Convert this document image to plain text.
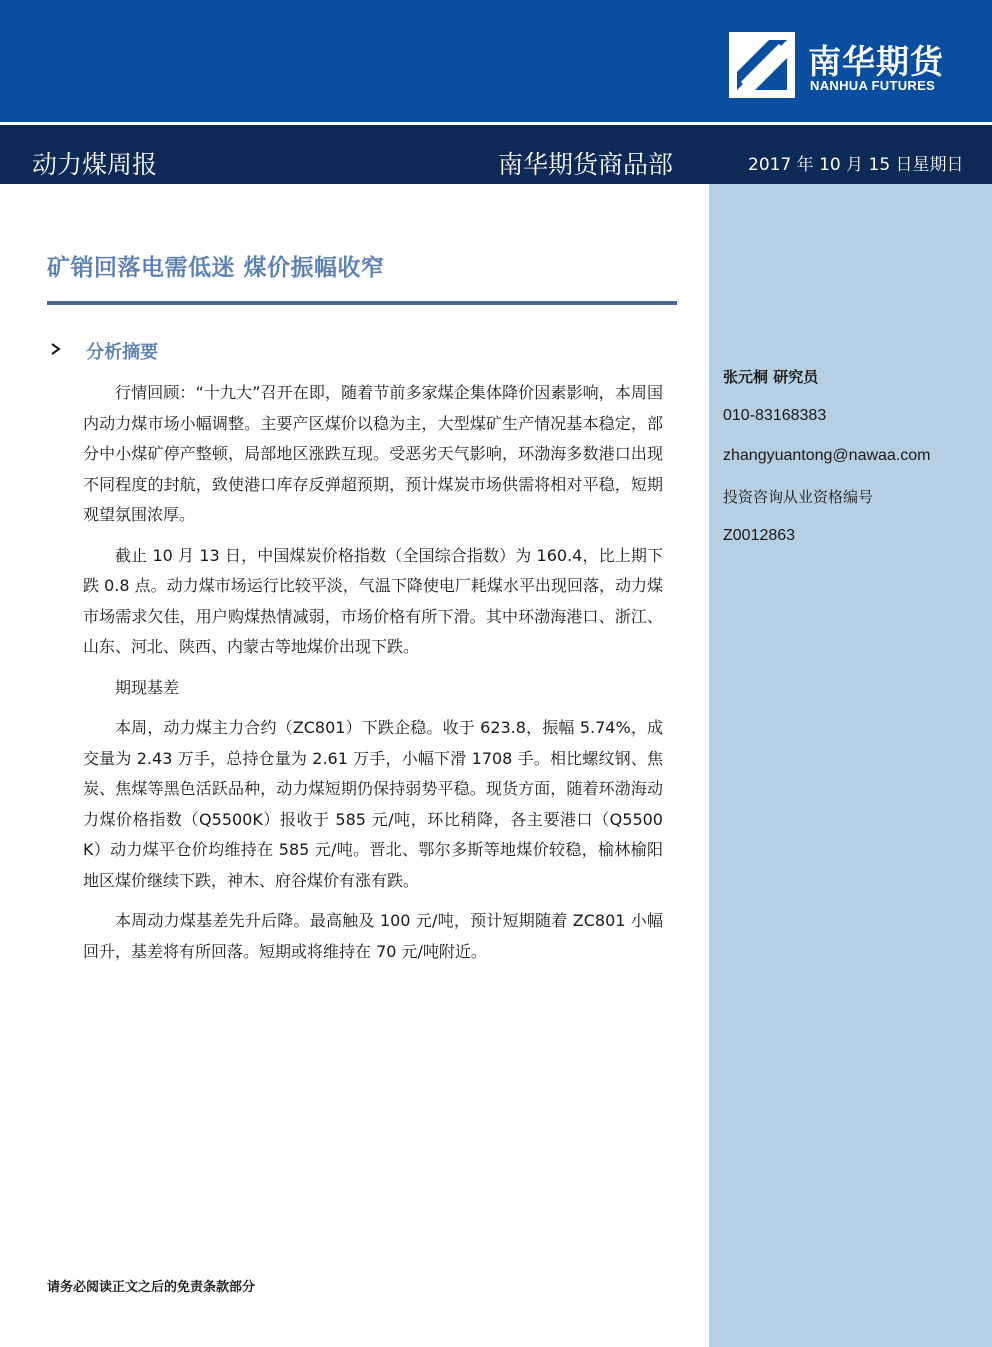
南华期货
NANHUA FUTURES
动力煤周报	南华期货商品部	2017 年 10 月 15 日星期日
张元桐 研究员
010-83168383
zhangyuantong@nawaa.com
投资咨询从业资格编号
Z0012863
矿销回落电需低迷 煤价振幅收窄
分析摘要

行情回顾：“十九大”召开在即，随着节前多家煤企集体降价因素影响，本周国内动力煤市场小幅调整。主要产区煤价以稳为主，大型煤矿生产情况基本稳定，部分中小煤矿停产整顿，局部地区涨跌互现。受恶劣天气影响，环渤海多数港口出现不同程度的封航，致使港口库存反弹超预期，预计煤炭市场供需将相对平稳，短期观望氛围浓厚。

截止 10 月 13 日，中国煤炭价格指数（全国综合指数）为 160.4，比上期下跌 0.8 点。动力煤市场运行比较平淡，气温下降使电厂耗煤水平出现回落，动力煤市场需求欠佳，用户购煤热情减弱，市场价格有所下滑。其中环渤海港口、浙江、山东、河北、陕西、内蒙古等地煤价出现下跌。

期现基差

本周，动力煤主力合约（ZC801）下跌企稳。收于 623.8，振幅 5.74%，成交量为 2.43 万手，总持仓量为 2.61 万手，小幅下滑 1708 手。相比螺纹钢、焦炭、焦煤等黑色活跃品种，动力煤短期仍保持弱势平稳。现货方面，随着环渤海动力煤价格指数（Q5500K）报收于 585 元/吨，环比稍降，各主要港口（Q5500K）动力煤平仓价均维持在 585 元/吨。晋北、鄂尔多斯等地煤价较稳，榆林榆阳地区煤价继续下跌，神木、府谷煤价有涨有跌。

本周动力煤基差先升后降。最高触及 100 元/吨，预计短期随着 ZC801 小幅回升，基差将有所回落。短期或将维持在 70 元/吨附近。

请务必阅读正文之后的免责条款部分
